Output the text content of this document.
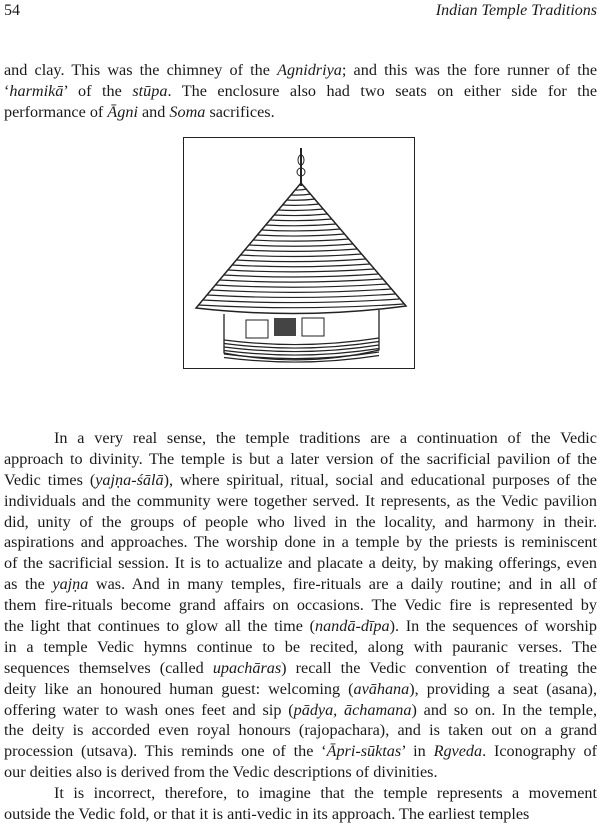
54	Indian Temple Traditions
and clay. This was the chimney of the Agnidriya; and this was the fore runner of the
‘harmikā’ of the stūpa. The enclosure also had two seats on either side for the
performance of Āgni and Soma sacrifices.
In a very real sense, the temple traditions are a continuation of the Vedic
approach to divinity. The temple is but a later version of the sacrificial pavilion of the
Vedic times (yajṇa-śālā), where spiritual, ritual, social and educational purposes of the
individuals and the community were together served. It represents, as the Vedic pavilion
did, unity of the groups of people who lived in the locality, and harmony in their.
aspirations and approaches. The worship done in a temple by the priests is reminiscent
of the sacrificial session. It is to actualize and placate a deity, by making offerings, even
as the yajṇa was. And in many temples, fire-rituals are a daily routine; and in all of
them fire-rituals become grand affairs on occasions. The Vedic fire is represented by
the light that continues to glow all the time (nandā-dīpa). In the sequences of worship
in a temple Vedic hymns continue to be recited, along with pauranic verses. The
sequences themselves (called upachāras) recall the Vedic convention of treating the
deity like an honoured human guest: welcoming (avāhana), providing a seat (asana),
offering water to wash ones feet and sip (pādya, āchamana) and so on. In the temple,
the deity is accorded even royal honours (rajopachara), and is taken out on a grand
procession (utsava). This reminds one of the ‘Āpri-sūktas’ in Rgveda. Iconography of
our deities also is derived from the Vedic descriptions of divinities.
It is incorrect, therefore, to imagine that the temple represents a movement
outside the Vedic fold, or that it is anti-vedic in its approach. The earliest temples
